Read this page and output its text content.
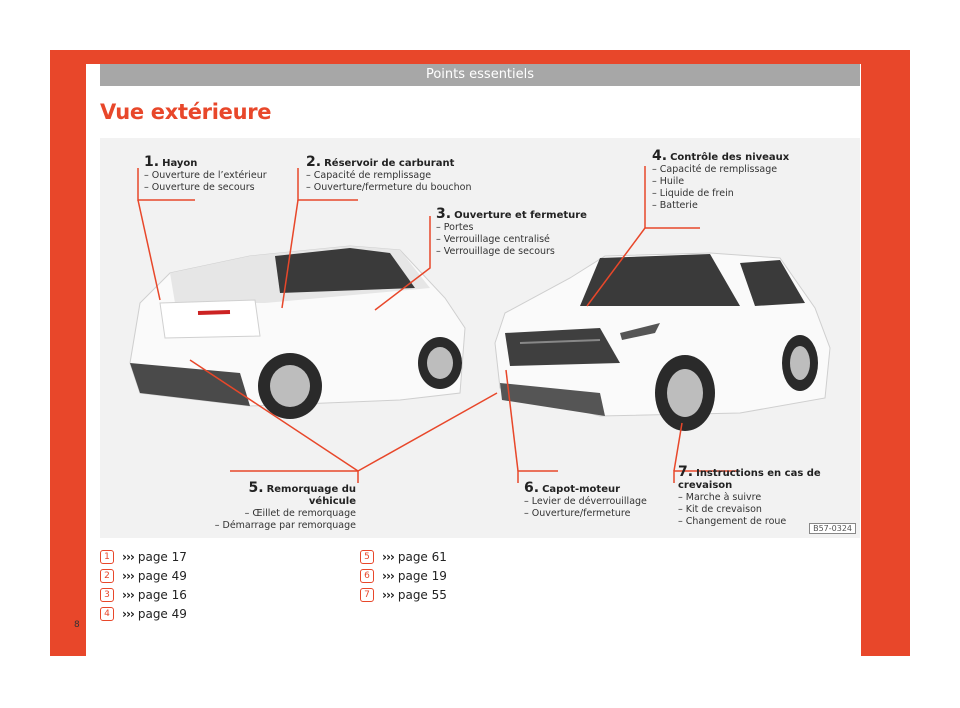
Points essentiels
Vue extérieure
1. Hayon
– Ouverture de l’extérieur
– Ouverture de secours
2. Réservoir de carburant
– Capacité de remplissage
– Ouverture/fermeture du bouchon
3. Ouverture et fermeture
– Portes
– Verrouillage centralisé
– Verrouillage de secours
4. Contrôle des niveaux
– Capacité de remplissage
– Huile
– Liquide de frein
– Batterie
5. Remorquage du véhicule
– Œillet de remorquage
– Démarrage par remorquage
6. Capot-moteur
– Levier de déverrouillage
– Ouverture/fermeture
7. Instructions en cas de crevaison
– Marche à suivre
– Kit de crevaison
– Changement de roue
B57-0324
1	››› page 17
2	››› page 49
3	››› page 16
4	››› page 49
5	››› page 61
6	››› page 19
7	››› page 55
8
